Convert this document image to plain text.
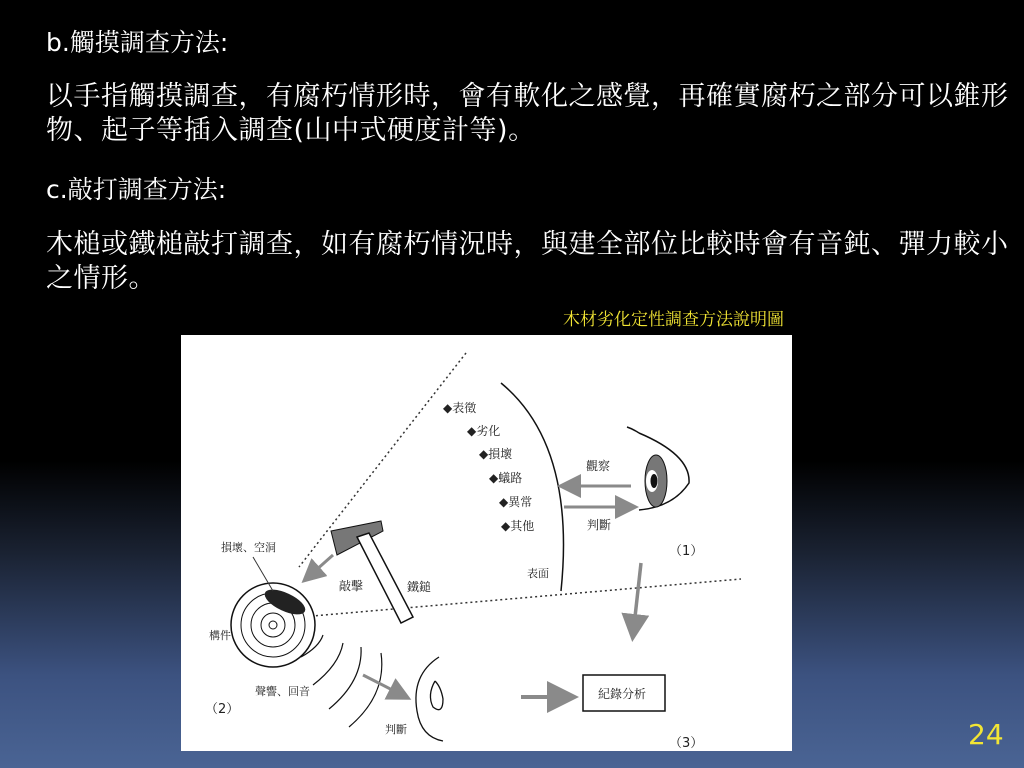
b.觸摸調查方法:
以手指觸摸調查，有腐朽情形時，會有軟化之感覺，再確實腐朽之部分可以錐形物、起子等插入調查(山中式硬度計等)。
c.敲打調查方法:
木槌或鐵槌敲打調查，如有腐朽情況時，與建全部位比較時會有音鈍、彈力較小之情形。
木材劣化定性調查方法說明圖
◆表徵
◆劣化
◆損壞
◆蟻路
◆異常
◆其他
表面
觀察
判斷
（1）
損壞、空洞
構件
敲擊	鐵鎚
聲響、回音
（2）
判斷
紀錄分析
（3）	24
